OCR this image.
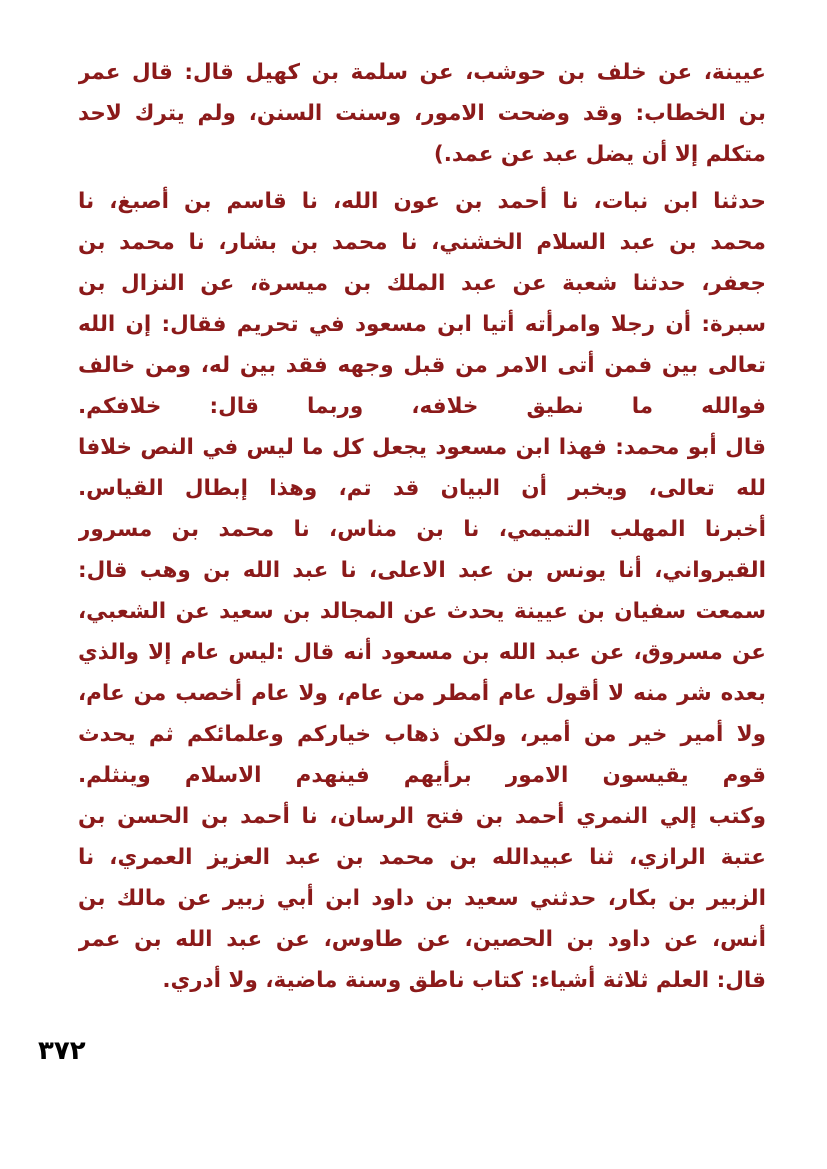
عيينة، عن خلف بن حوشب، عن سلمة بن كهيل قال: قال عمر
بن الخطاب: وقد وضحت الامور، وسنت السنن، ولم يترك لاحد
متكلم إلا أن يضل عبد عن عمد.)
حدثنا ابن نبات، نا أحمد بن عون الله، نا قاسم بن أصبغ، نا
محمد بن عبد السلام الخشني، نا محمد بن بشار، نا محمد بن
جعفر، حدثنا شعبة عن عبد الملك بن ميسرة، عن النزال بن
سبرة: أن رجلا وامرأته أتيا ابن مسعود في تحريم فقال: إن الله
تعالى بين فمن أتى الامر من قبل وجهه فقد بين له، ومن خالف
فوالله ما نطيق خلافه، وربما قال: خلافكم.
قال أبو محمد: فهذا ابن مسعود يجعل كل ما ليس في النص خلافا
لله تعالى، ويخبر أن البيان قد تم، وهذا إبطال القياس.
أخبرنا المهلب التميمي، نا بن مناس، نا محمد بن مسرور
القيرواني، أنا يونس بن عبد الاعلى، نا عبد الله بن وهب قال:
سمعت سفيان بن عيينة يحدث عن المجالد بن سعيد عن الشعبي،
عن مسروق، عن عبد الله بن مسعود أنه قال :ليس عام إلا والذي
بعده شر منه لا أقول عام أمطر من عام، ولا عام أخصب من عام،
ولا أمير خير من أمير، ولكن ذهاب خياركم وعلمائكم ثم يحدث
قوم يقيسون الامور برأيهم فينهدم الاسلام وينثلم.
وكتب إلي النمري أحمد بن فتح الرسان، نا أحمد بن الحسن بن
عتبة الرازي، ثنا عبيدالله بن محمد بن عبد العزيز العمري، نا
الزبير بن بكار، حدثني سعيد بن داود ابن أبي زبير عن مالك بن
أنس، عن داود بن الحصين، عن طاوس، عن عبد الله بن عمر
قال: العلم ثلاثة أشياء: كتاب ناطق وسنة ماضية، ولا أدري.
٣٧٢
